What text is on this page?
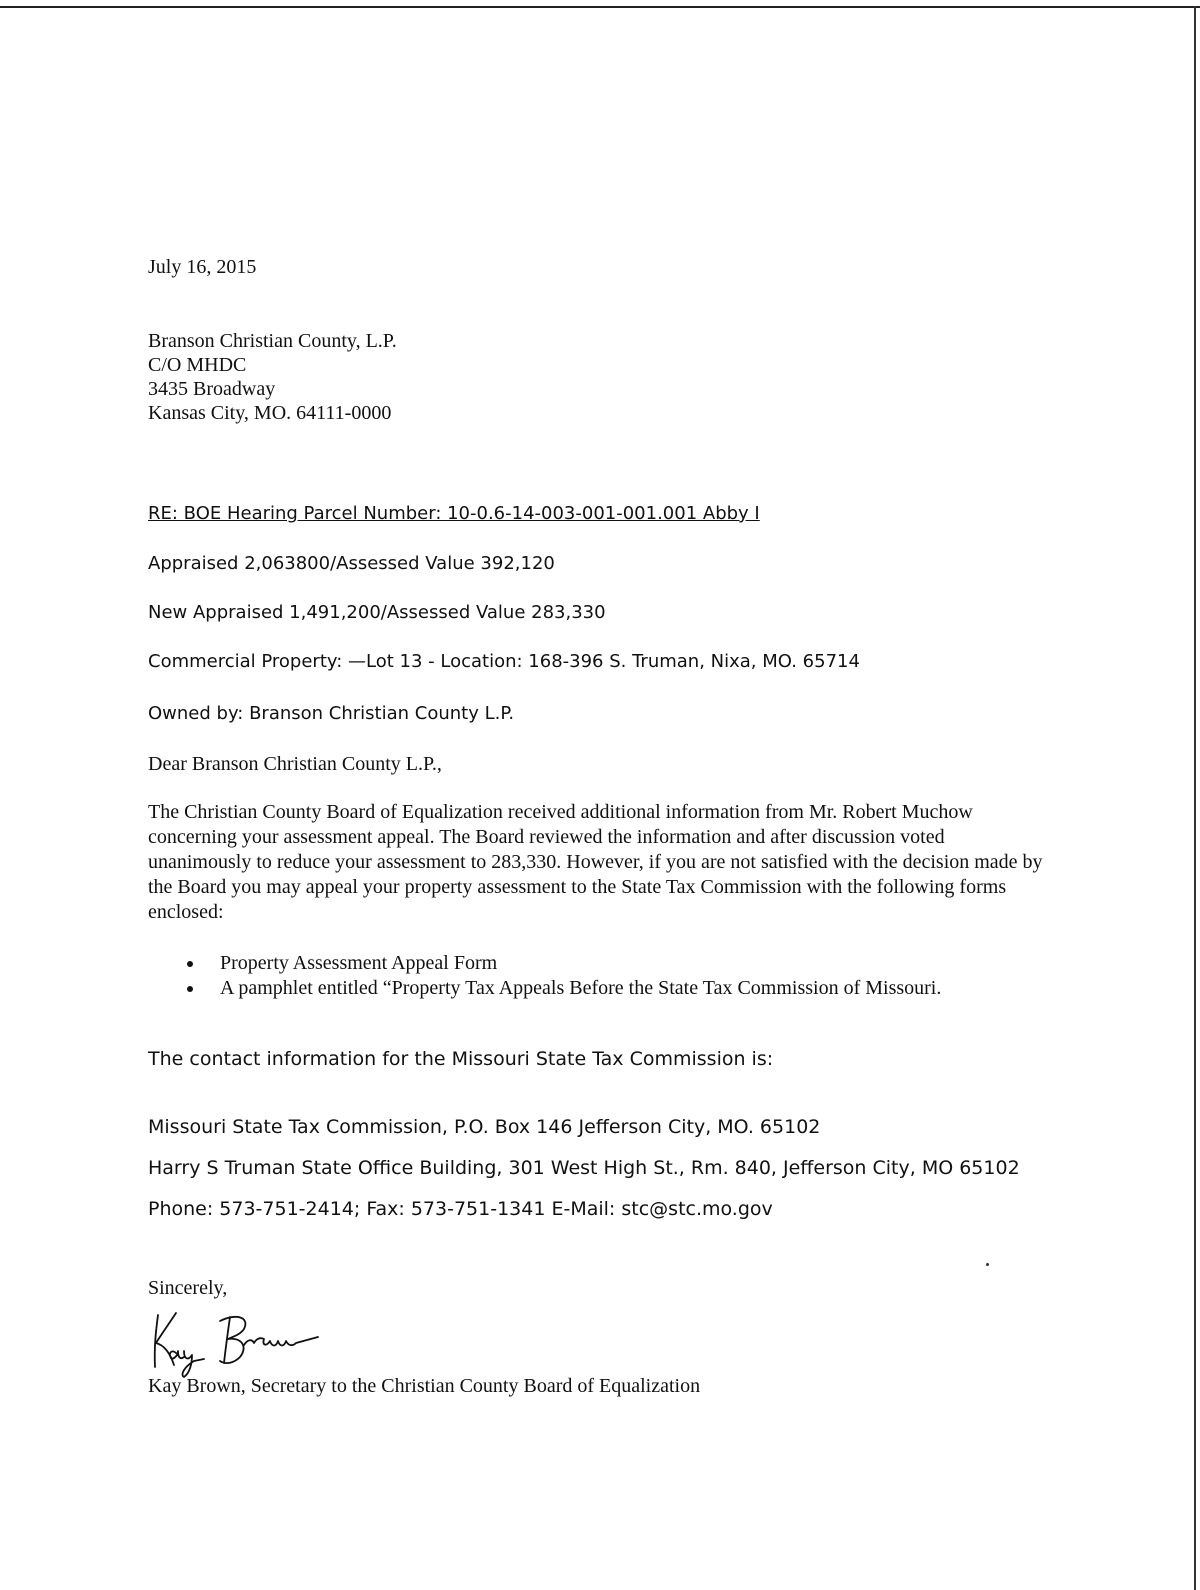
July 16, 2015
Branson Christian County, L.P.
C/O MHDC
3435 Broadway
Kansas City, MO. 64111-0000
RE: BOE Hearing Parcel Number: 10-0.6-14-003-001-001.001 Abby I
Appraised 2,063800/Assessed Value 392,120
New Appraised 1,491,200/Assessed Value 283,330
Commercial Property: —Lot 13 - Location: 168-396 S. Truman, Nixa, MO. 65714
Owned by: Branson Christian County L.P.
Dear Branson Christian County L.P.,
The Christian County Board of Equalization received additional information from Mr. Robert Muchow concerning your assessment appeal. The Board reviewed the information and after discussion voted unanimously to reduce your assessment to 283,330. However, if you are not satisfied with the decision made by the Board you may appeal your property assessment to the State Tax Commission with the following forms enclosed:
Property Assessment Appeal Form
A pamphlet entitled “Property Tax Appeals Before the State Tax Commission of Missouri.
The contact information for the Missouri State Tax Commission is:
Missouri State Tax Commission, P.O. Box 146 Jefferson City, MO. 65102
Harry S Truman State Office Building, 301 West High St., Rm. 840, Jefferson City, MO 65102
Phone: 573-751-2414; Fax: 573-751-1341 E-Mail: stc@stc.mo.gov
Sincerely,
Kay Brown, Secretary to the Christian County Board of Equalization
